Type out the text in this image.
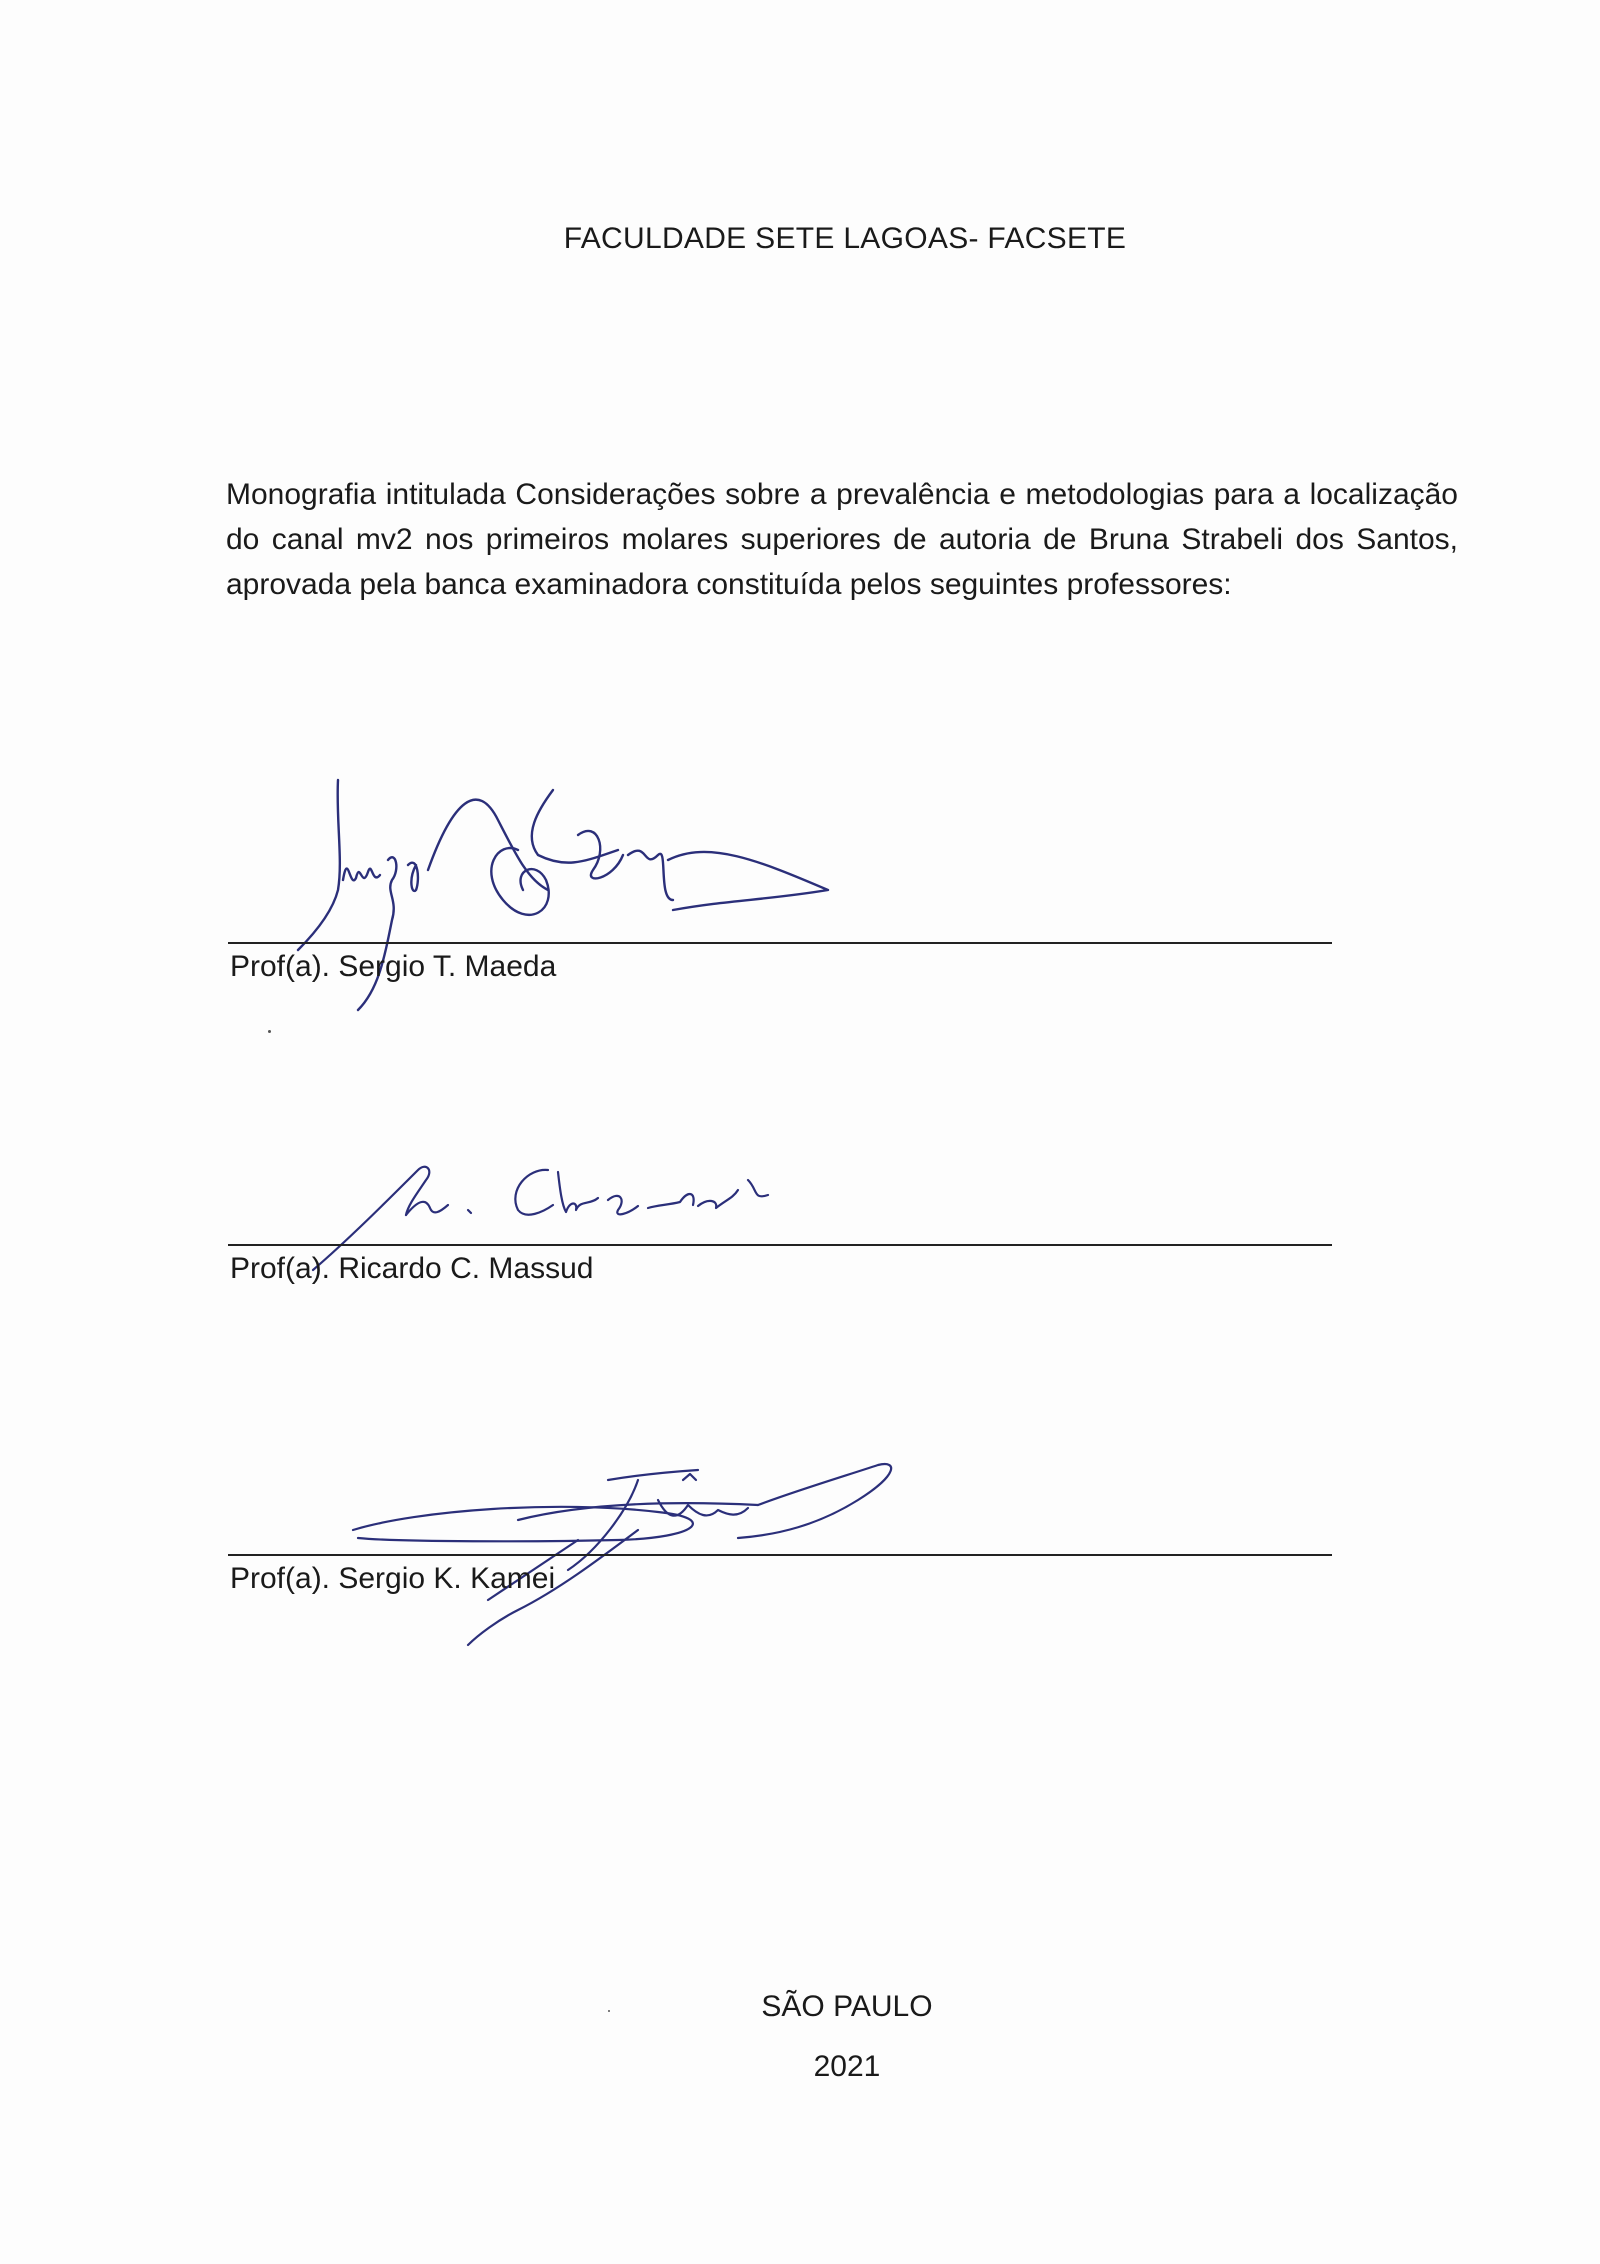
FACULDADE SETE LAGOAS- FACSETE
Monografia intitulada Considerações sobre a prevalência e metodologias para a localização do canal mv2 nos primeiros molares superiores de autoria de Bruna Strabeli dos Santos, aprovada pela banca examinadora constituída pelos seguintes professores:
Prof(a). Sergio T. Maeda
Prof(a). Ricardo C. Massud
Prof(a). Sergio K. Kamei
SÃO PAULO
2021
